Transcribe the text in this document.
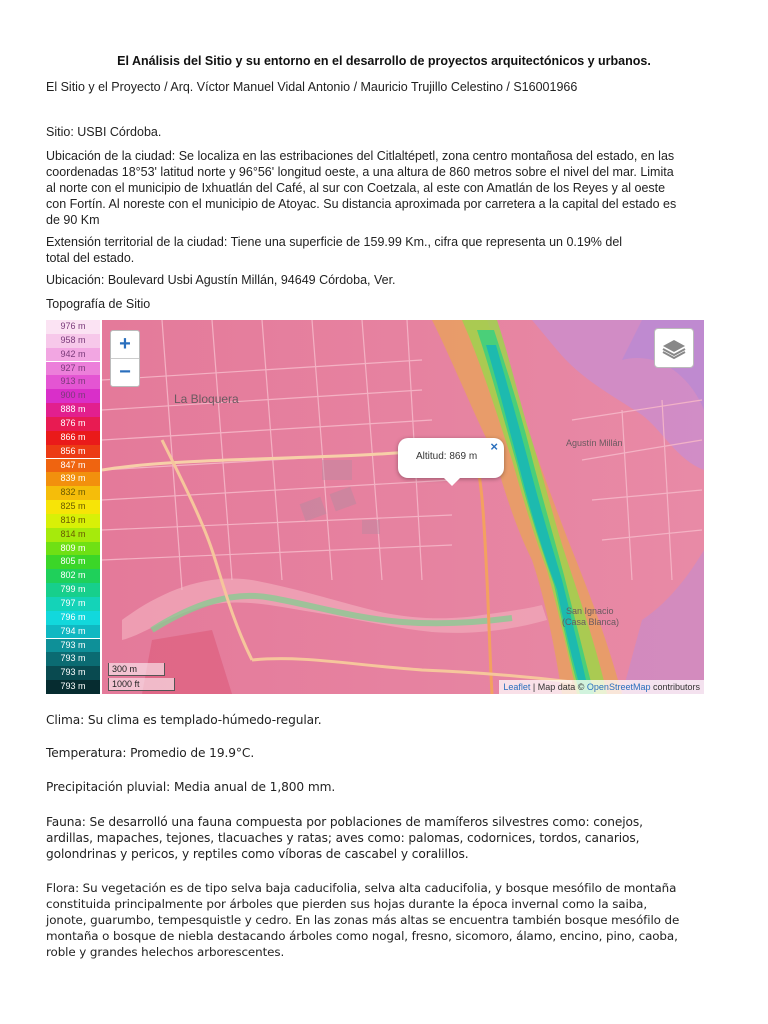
El Análisis del Sitio y su entorno en el desarrollo de proyectos arquitectónicos y urbanos.
El Sitio y el Proyecto / Arq. Víctor Manuel Vidal Antonio / Mauricio Trujillo Celestino / S16001966
Sitio: USBI Córdoba.
Ubicación de la ciudad: Se localiza en las estribaciones del Citlaltépetl, zona centro montañosa del estado, en las
coordenadas 18°53' latitud norte y 96°56' longitud oeste, a una altura de 860 metros sobre el nivel del mar. Limita
al norte con el municipio de Ixhuatlán del Café, al sur con Coetzala, al este con Amatlán de los Reyes y al oeste
con Fortín. Al noreste con el municipio de Atoyac. Su distancia aproximada por carretera a la capital del estado es
de 90 Km
Extensión territorial de la ciudad: Tiene una superficie de 159.99 Km., cifra que representa un 0.19% del
total del estado.
Ubicación: Boulevard Usbi Agustín Millán, 94649 Córdoba, Ver.
Topografía de Sitio
976 m
958 m
942 m
927 m
913 m
900 m
888 m
876 m
866 m
856 m
847 m
839 m
832 m
825 m
819 m
814 m
809 m
805 m
802 m
799 m
797 m
796 m
794 m
793 m
793 m
793 m
793 m
La Bloquera
Agustín Millán
San Ignacio
(Casa Blanca)
+
−
Altitud: 869 m
×
300 m
1000 ft	Leaflet | Map data © OpenStreetMap contributors
Clima: Su clima es templado-húmedo-regular.
Temperatura: Promedio de 19.9°C.
Precipitación pluvial: Media anual de 1,800 mm.
Fauna: Se desarrolló una fauna compuesta por poblaciones de mamíferos silvestres como: conejos,
ardillas, mapaches, tejones, tlacuaches y ratas; aves como: palomas, codornices, tordos, canarios,
golondrinas y pericos, y reptiles como víboras de cascabel y coralillos.
Flora: Su vegetación es de tipo selva baja caducifolia, selva alta caducifolia, y bosque mesófilo de montaña
constituida principalmente por árboles que pierden sus hojas durante la época invernal como la saiba,
jonote, guarumbo, tempesquistle y cedro. En las zonas más altas se encuentra también bosque mesófilo de
montaña o bosque de niebla destacando árboles como nogal, fresno, sicomoro, álamo, encino, pino, caoba,
roble y grandes helechos arborescentes.
